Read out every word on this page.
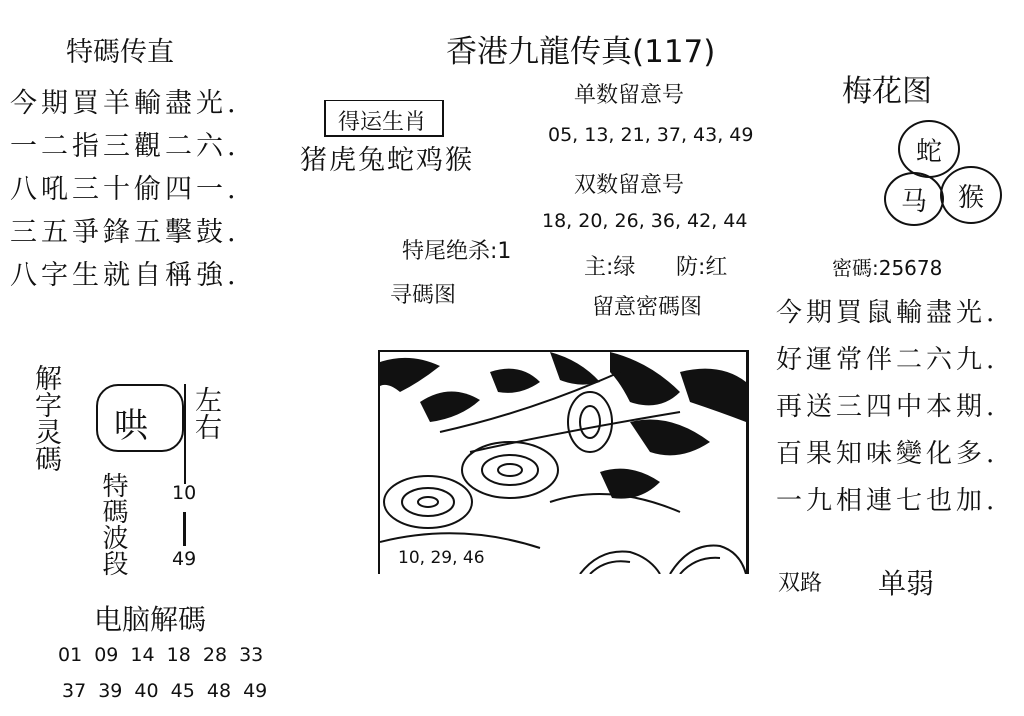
特碼传直	香港九龍传真(117)
今期買羊輸盡光.
一二指三觀二六.
八吼三十偷四一.
三五爭鋒五擊鼓.
八字生就自稱強.
得运生肖
猪虎兔蛇鸡猴
单数留意号
05, 13, 21, 37, 43, 49
双数留意号
18, 20, 26, 36, 42, 44
特尾绝杀:1
寻碼图
主:绿 防:红
留意密碼图
梅花图
蛇
马 猴
密碼:25678
今期買鼠輸盡光.
好運常伴二六九.
再送三四中本期.
百果知味變化多.
一九相連七也加.
双路 单弱
10, 29, 46
解字灵碼 哄 左右
特碼波段 10
49
电脑解碼
01 09 14 18 28 33
37 39 40 45 48 49
